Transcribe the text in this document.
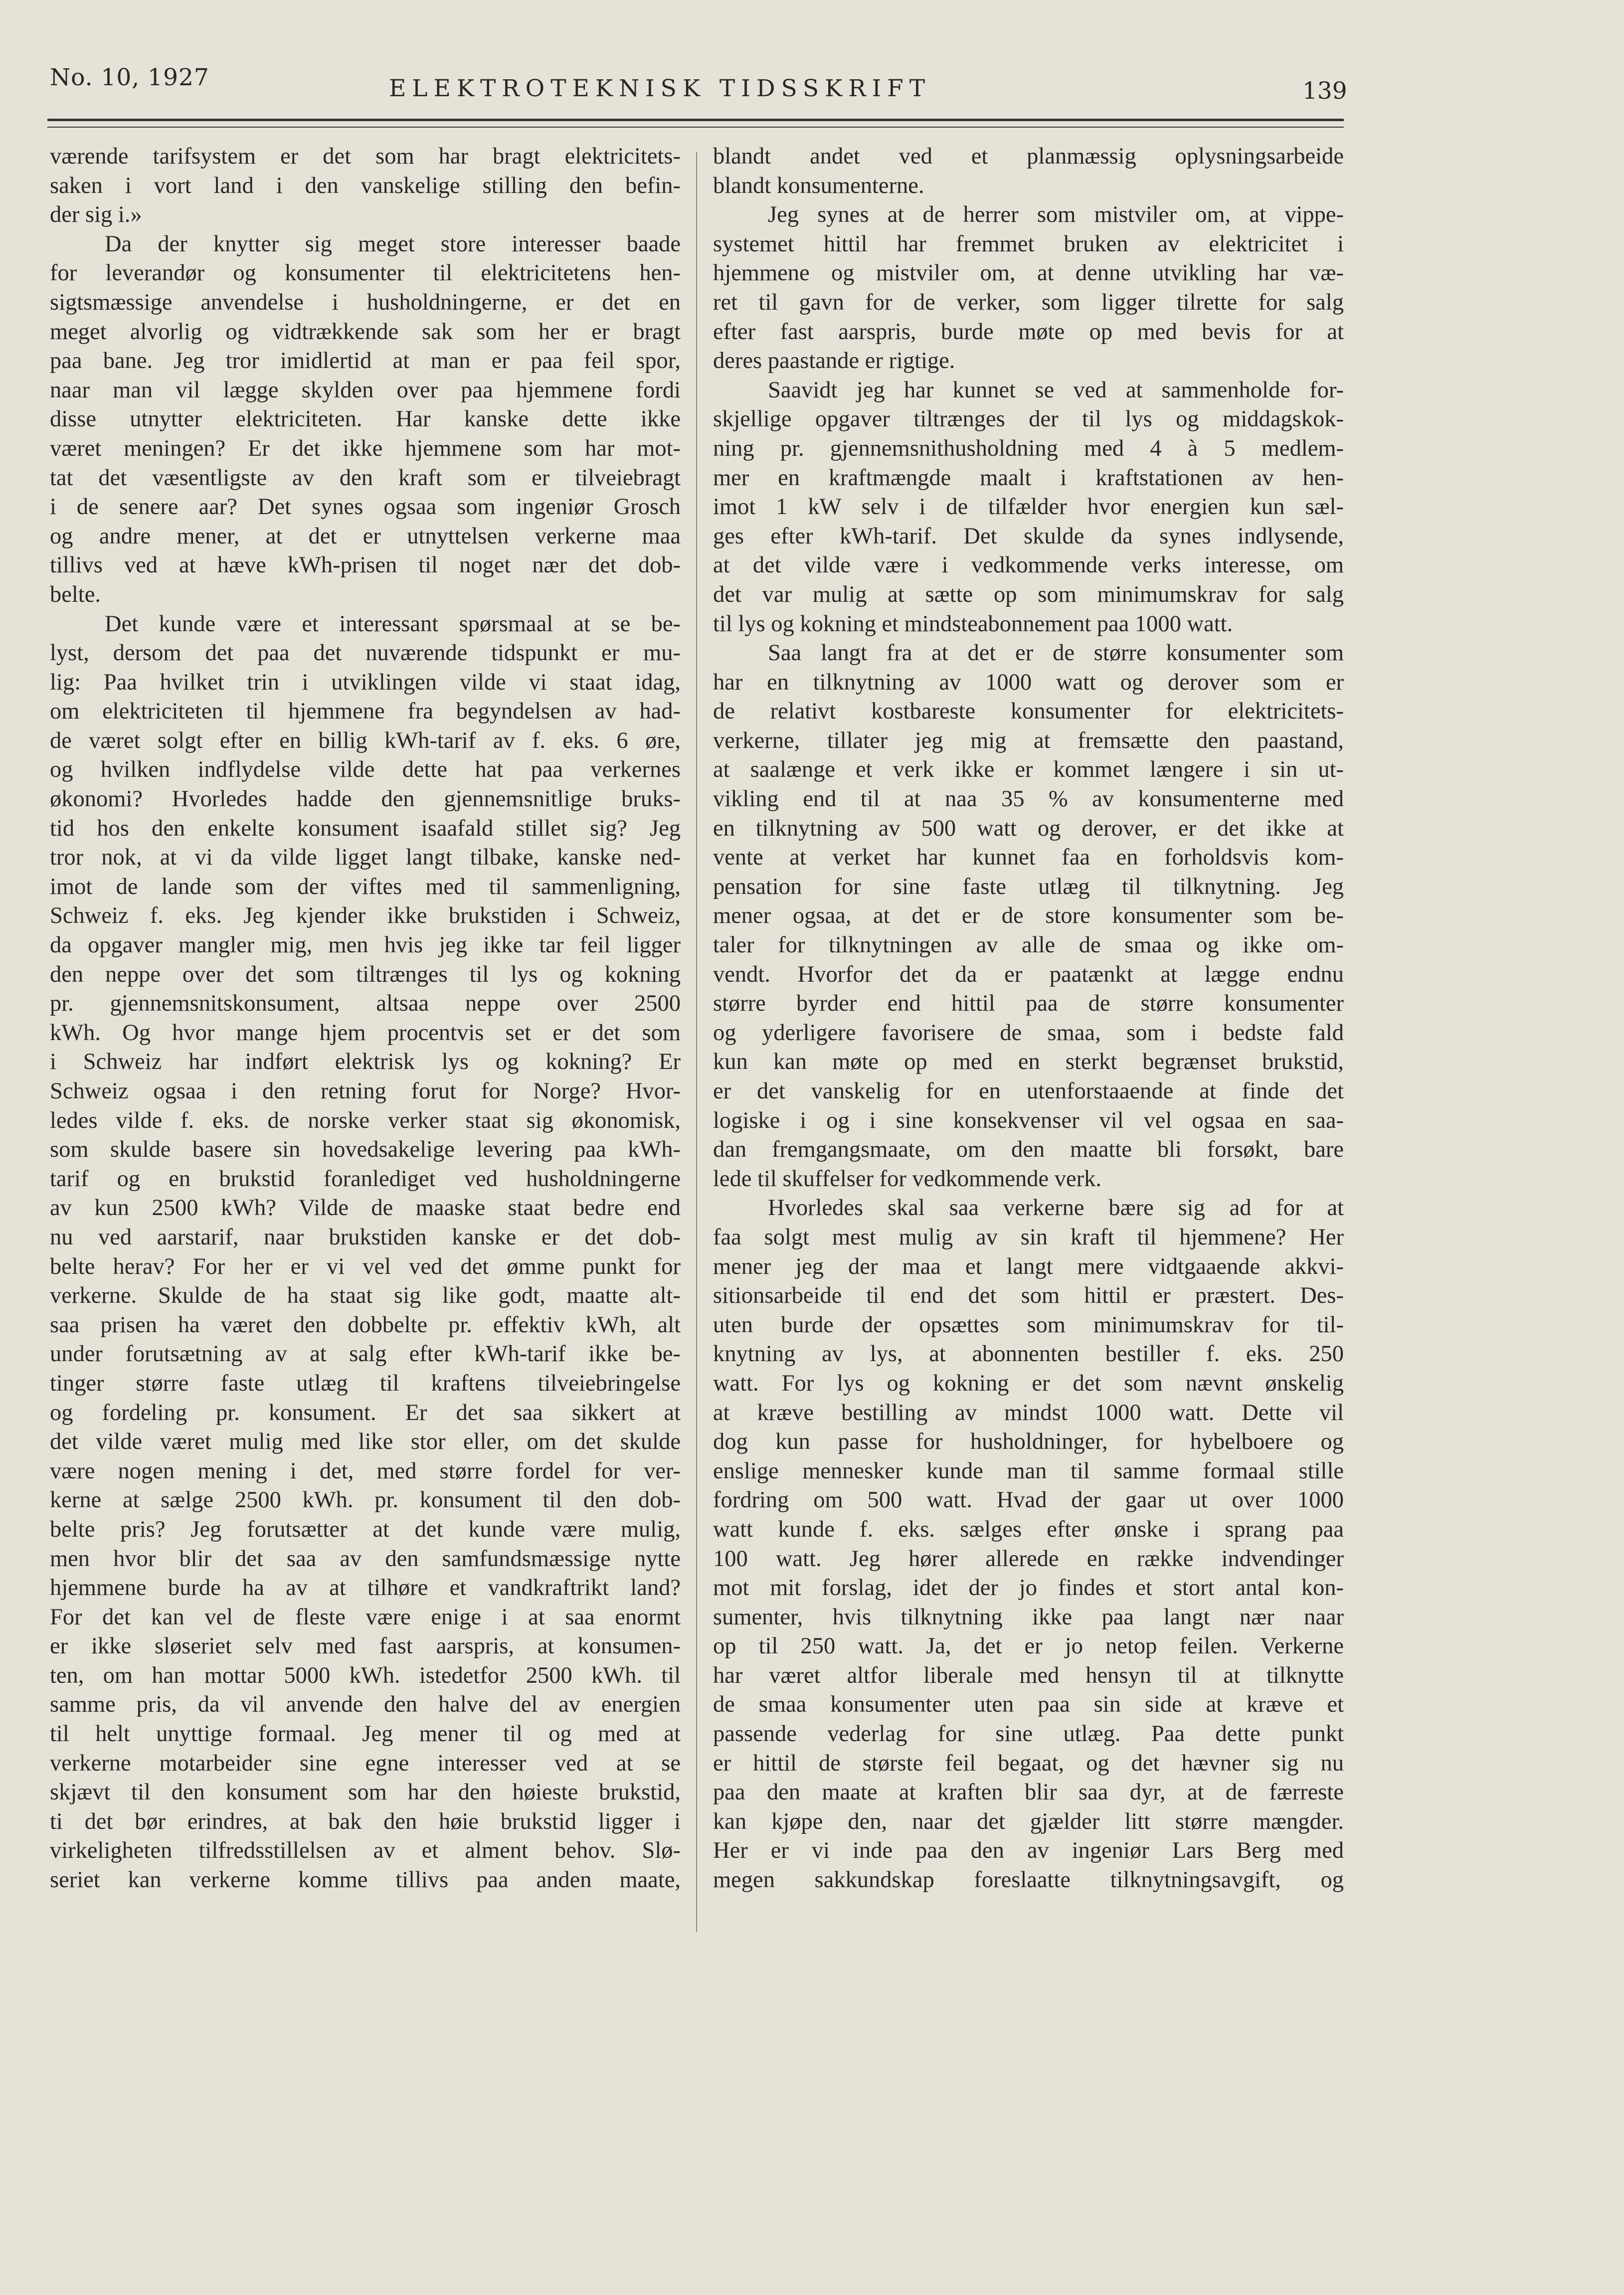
No. 10, 1927	ELEKTROTEKNISK TIDSSKRIFT	139
værende tarifsystem er det som har bragt elektricitets-
saken i vort land i den vanskelige stilling den befin-
der sig i.»
Da der knytter sig meget store interesser baade
for leverandør og konsumenter til elektricitetens hen-
sigtsmæssige anvendelse i husholdningerne, er det en
meget alvorlig og vidtrækkende sak som her er bragt
paa bane. Jeg tror imidlertid at man er paa feil spor,
naar man vil lægge skylden over paa hjemmene fordi
disse utnytter elektriciteten. Har kanske dette ikke
været meningen? Er det ikke hjemmene som har mot-
tat det væsentligste av den kraft som er tilveiebragt
i de senere aar? Det synes ogsaa som ingeniør Grosch
og andre mener, at det er utnyttelsen verkerne maa
tillivs ved at hæve kWh-prisen til noget nær det dob-
belte.
Det kunde være et interessant spørsmaal at se be-
lyst, dersom det paa det nuværende tidspunkt er mu-
lig: Paa hvilket trin i utviklingen vilde vi staat idag,
om elektriciteten til hjemmene fra begyndelsen av had-
de været solgt efter en billig kWh-tarif av f. eks. 6 øre,
og hvilken indflydelse vilde dette hat paa verkernes
økonomi? Hvorledes hadde den gjennemsnitlige bruks-
tid hos den enkelte konsument isaafald stillet sig? Jeg
tror nok, at vi da vilde ligget langt tilbake, kanske ned-
imot de lande som der viftes med til sammenligning,
Schweiz f. eks. Jeg kjender ikke brukstiden i Schweiz,
da opgaver mangler mig, men hvis jeg ikke tar feil ligger
den neppe over det som tiltrænges til lys og kokning
pr. gjennemsnitskonsument, altsaa neppe over 2500
kWh. Og hvor mange hjem procentvis set er det som
i Schweiz har indført elektrisk lys og kokning? Er
Schweiz ogsaa i den retning forut for Norge? Hvor-
ledes vilde f. eks. de norske verker staat sig økonomisk,
som skulde basere sin hovedsakelige levering paa kWh-
tarif og en brukstid foranlediget ved husholdningerne
av kun 2500 kWh? Vilde de maaske staat bedre end
nu ved aarstarif, naar brukstiden kanske er det dob-
belte herav? For her er vi vel ved det ømme punkt for
verkerne. Skulde de ha staat sig like godt, maatte alt-
saa prisen ha været den dobbelte pr. effektiv kWh, alt
under forutsætning av at salg efter kWh-tarif ikke be-
tinger større faste utlæg til kraftens tilveiebringelse
og fordeling pr. konsument. Er det saa sikkert at
det vilde været mulig med like stor eller, om det skulde
være nogen mening i det, med større fordel for ver-
kerne at sælge 2500 kWh. pr. konsument til den dob-
belte pris? Jeg forutsætter at det kunde være mulig,
men hvor blir det saa av den samfundsmæssige nytte
hjemmene burde ha av at tilhøre et vandkraftrikt land?
For det kan vel de fleste være enige i at saa enormt
er ikke sløseriet selv med fast aarspris, at konsumen-
ten, om han mottar 5000 kWh. istedetfor 2500 kWh. til
samme pris, da vil anvende den halve del av energien
til helt unyttige formaal. Jeg mener til og med at
verkerne motarbeider sine egne interesser ved at se
skjævt til den konsument som har den høieste brukstid,
ti det bør erindres, at bak den høie brukstid ligger i
virkeligheten tilfredsstillelsen av et alment behov. Slø-
seriet kan verkerne komme tillivs paa anden maate,
blandt andet ved et planmæssig oplysningsarbeide
blandt konsumenterne.
Jeg synes at de herrer som mistviler om, at vippe-
systemet hittil har fremmet bruken av elektricitet i
hjemmene og mistviler om, at denne utvikling har væ-
ret til gavn for de verker, som ligger tilrette for salg
efter fast aarspris, burde møte op med bevis for at
deres paastande er rigtige.
Saavidt jeg har kunnet se ved at sammenholde for-
skjellige opgaver tiltrænges der til lys og middagskok-
ning pr. gjennemsnithusholdning med 4 à 5 medlem-
mer en kraftmængde maalt i kraftstationen av hen-
imot 1 kW selv i de tilfælder hvor energien kun sæl-
ges efter kWh-tarif. Det skulde da synes indlysende,
at det vilde være i vedkommende verks interesse, om
det var mulig at sætte op som minimumskrav for salg
til lys og kokning et mindsteabonnement paa 1000 watt.
Saa langt fra at det er de større konsumenter som
har en tilknytning av 1000 watt og derover som er
de relativt kostbareste konsumenter for elektricitets-
verkerne, tillater jeg mig at fremsætte den paastand,
at saalænge et verk ikke er kommet længere i sin ut-
vikling end til at naa 35 % av konsumenterne med
en tilknytning av 500 watt og derover, er det ikke at
vente at verket har kunnet faa en forholdsvis kom-
pensation for sine faste utlæg til tilknytning. Jeg
mener ogsaa, at det er de store konsumenter som be-
taler for tilknytningen av alle de smaa og ikke om-
vendt. Hvorfor det da er paatænkt at lægge endnu
større byrder end hittil paa de større konsumenter
og yderligere favorisere de smaa, som i bedste fald
kun kan møte op med en sterkt begrænset brukstid,
er det vanskelig for en utenforstaaende at finde det
logiske i og i sine konsekvenser vil vel ogsaa en saa-
dan fremgangsmaate, om den maatte bli forsøkt, bare
lede til skuffelser for vedkommende verk.
Hvorledes skal saa verkerne bære sig ad for at
faa solgt mest mulig av sin kraft til hjemmene? Her
mener jeg der maa et langt mere vidtgaaende akkvi-
sitionsarbeide til end det som hittil er præstert. Des-
uten burde der opsættes som minimumskrav for til-
knytning av lys, at abonnenten bestiller f. eks. 250
watt. For lys og kokning er det som nævnt ønskelig
at kræve bestilling av mindst 1000 watt. Dette vil
dog kun passe for husholdninger, for hybelboere og
enslige mennesker kunde man til samme formaal stille
fordring om 500 watt. Hvad der gaar ut over 1000
watt kunde f. eks. sælges efter ønske i sprang paa
100 watt. Jeg hører allerede en række indvendinger
mot mit forslag, idet der jo findes et stort antal kon-
sumenter, hvis tilknytning ikke paa langt nær naar
op til 250 watt. Ja, det er jo netop feilen. Verkerne
har været altfor liberale med hensyn til at tilknytte
de smaa konsumenter uten paa sin side at kræve et
passende vederlag for sine utlæg. Paa dette punkt
er hittil de største feil begaat, og det hævner sig nu
paa den maate at kraften blir saa dyr, at de færreste
kan kjøpe den, naar det gjælder litt større mængder.
Her er vi inde paa den av ingeniør Lars Berg med
megen sakkundskap foreslaatte tilknytningsavgift, og
